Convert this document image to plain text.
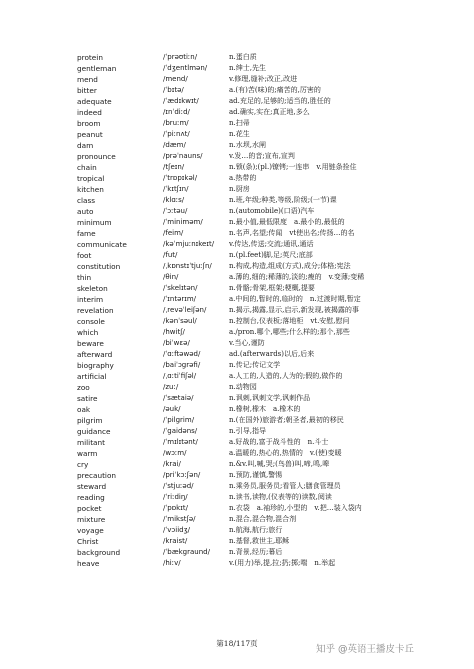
protein	/ˈprəʊtiːn/	n.蛋白质
gentleman	/ˈdʒentlmən/	n.绅士,先生
mend	/mend/	v.修理,缝补;改正,改进
bitter	/ˈbɪtə/	a.(有)苦(味)的;痛苦的,厉害的
adequate	/ˈædɪkwɪt/	ad.充足的,足够的;适当的,胜任的
indeed	/ɪnˈdiːd/	ad.确实,实在;真正地,多么
broom	/bruːm/	n.扫帚
peanut	/ˈpiːnʌt/	n.花生
dam	/dæm/	n.水坝,水闸
pronounce	/prəˈnauns/	v.发…的音;宣布,宣判
chain	/tʃeɪn/	n.锁(条);(pl.)镣铐;一连串　v.用链条拴住
tropical	/ˈtrɒpɪkəl/	a.热带的
kitchen	/ˈkɪtʃɪn/	n.厨房
class	/klɑːs/	n.班,年级;种类,等级,阶级;(一节)课
auto	/ˈɔːtəu/	n.(automobile)(口语)汽车
minimum	/ˈminiməm/	n.最小值,最低限度　a.最小的,最低的
fame	/feim/	n.名声,名望;传闻　vt使出名;传扬…的名
communicate	/kəˈmjuːnɪkeɪt/	v.传达,传送;交流;通讯,通话
foot	/fut/	n.(pl.feet)脚,足;英尺;底部
constitution	/ˌkɒnstɪˈtjuːʃn/	n.构成,构造,组成(方式),成分;体格;宪法
thin	/θin/	a.薄的,细的;稀薄的,淡的;瘦的　v.变薄;变稀
skeleton	/ˈskelɪtən/	n.骨骼;骨架,框架;梗概,提要
interim	/ˈɪntərɪm/	a.中间的,暂时的,临时的　n.过渡时期,暂定
revelation	/ˌrevəˈleiʃən/	n.揭示,揭露,显示,启示,新发现,被揭露的事
console	/kənˈsəul/	n.控制台,仪表板;落地柜　vt.安慰,慰问
which	/hwitʃ/	a./pron.哪个,哪些;什么样的;那个,那些
beware	/biˈwɛə/	v.当心,谨防
afterward	/ˈɑːftəwəd/	ad.(afterwards)以后,后来
biography	/baiˈɔgrəfi/	n.传记;传记文学
artificial	/ˌɑːtiˈfiʃəl/	a.人工的,人造的,人为的;假的,做作的
zoo	/zuː/	n.动物园
satire	/ˈsætaiə/	n.讽刺,讽刺文学,讽刺作品
oak	/əuk/	n.橡树,橡木　a.橡木的
pilgrim	/ˈpilgrim/	n.(在国外)旅游者;朝圣者,最初的移民
guidance	/ˈgaidəns/	n.引导,指导
militant	/ˈmɪlɪtənt/	a.好战的,富于战斗性的　n.斗士
warm	/wɔːm/	a.温暖的,热心的,热情的　v.(使)变暖
cry	/krai/	n.&v.叫,喊,哭;(鸟兽)叫,啼,鸣,嗥
precaution	/priˈkɔːʃən/	n.预防,谨慎,警惕
steward	/ˈstjuːəd/	n.乘务员,服务员;看管人;膳食管理员
reading	/ˈriːdiŋ/	n.读书,读物,(仪表等的)读数,阅读
pocket	/ˈpɒkɪt/	n.衣袋　a.袖珍的,小型的　v.把…装入袋内
mixture	/ˈmikstʃə/	n.混合,混合物,混合剂
voyage	/ˈvɔiidʒ/	n.航海,航行;旅行
Christ	/kraist/	n.基督,救世主,耶稣
background	/ˈbækgraund/	n.背景,经历;幕后
heave	/hiːv/	v.(用力)举,提,拉;扔;掷;喘　n.举起
第18/117页
知乎 @英语王播皮卡丘
